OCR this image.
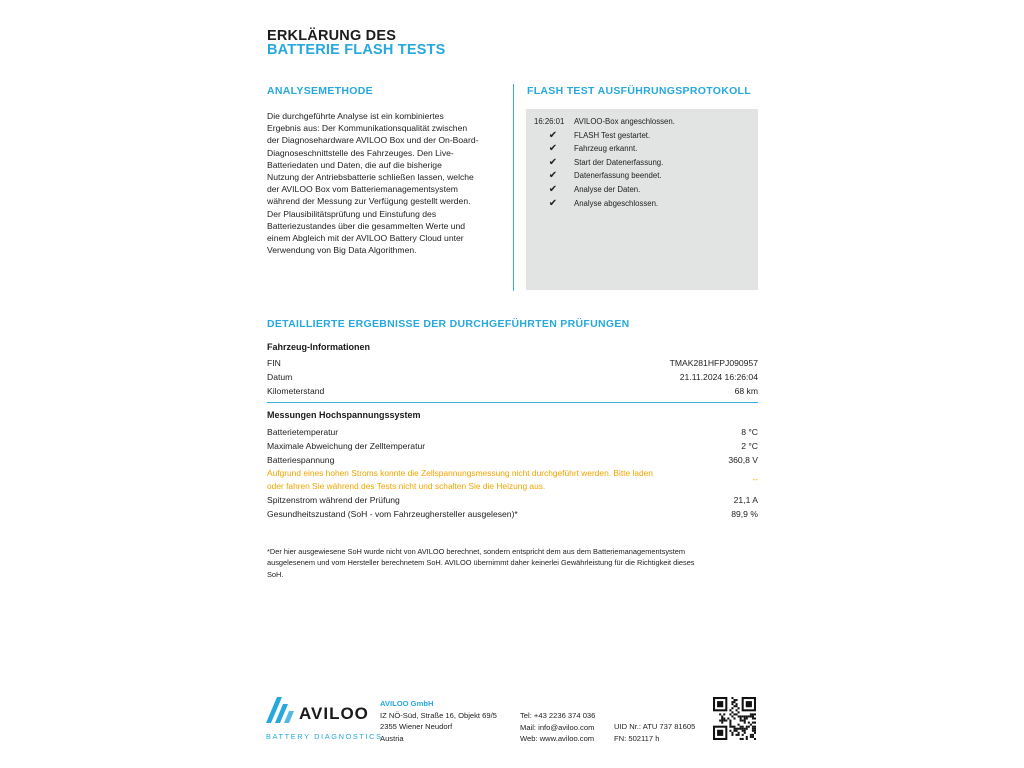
ERKLÄRUNG DES
BATTERIE FLASH TESTS
ANALYSEMETHODE
Die durchgeführte Analyse ist ein kombiniertes
Ergebnis aus: Der Kommunikationsqualität zwischen
der Diagnosehardware AVILOO Box und der On-Board-
Diagnoseschnittstelle des Fahrzeuges. Den Live-
Batteriedaten und Daten, die auf die bisherige
Nutzung der Antriebsbatterie schließen lassen, welche
der AVILOO Box vom Batteriemanagementsystem
während der Messung zur Verfügung gestellt werden.
Der Plausibilitätsprüfung und Einstufung des
Batteriezustandes über die gesammelten Werte und
einem Abgleich mit der AVILOO Battery Cloud unter
Verwendung von Big Data Algorithmen.
FLASH TEST AUSFÜHRUNGSPROTOKOLL
16:26:01	AVILOO-Box angeschlossen.
✔	FLASH Test gestartet.
✔	Fahrzeug erkannt.
✔	Start der Datenerfassung.
✔	Datenerfassung beendet.
✔	Analyse der Daten.
✔	Analyse abgeschlossen.
DETAILLIERTE ERGEBNISSE DER DURCHGEFÜHRTEN PRÜFUNGEN
Fahrzeug-Informationen
FIN	TMAK281HFPJ090957
Datum	21.11.2024 16:26:04
Kilometerstand	68 km
Messungen Hochspannungssystem
Batterietemperatur	8 °C
Maximale Abweichung der Zelltemperatur	2 °C
Batteriespannung	360,8 V
Aufgrund eines hohen Stroms konnte die Zellspannungsmessung nicht durchgeführt werden. Bitte laden
oder fahren Sie während des Tests nicht und schalten Sie die Heizung aus.
--
Spitzenstrom während der Prüfung	21,1 A
Gesundheitszustand (SoH - vom Fahrzeughersteller ausgelesen)*	89,9 %
*Der hier ausgewiesene SoH wurde nicht von AVILOO berechnet, sondern entspricht dem aus dem Batteriemanagementsystem
ausgelesenem und vom Hersteller berechnetem SoH. AVILOO übernimmt daher keinerlei Gewährleistung für die Richtigkeit dieses
SoH.
AVILOO
BATTERY DIAGNOSTICS
AVILOO GmbH
IZ NÖ-Süd, Straße 16, Objekt 69/5
2355 Wiener Neudorf
Austria
Tel: +43 2236 374 036
Mail: info@aviloo.com
Web: www.aviloo.com
UID Nr.: ATU 737 81605
FN: 502117 h
